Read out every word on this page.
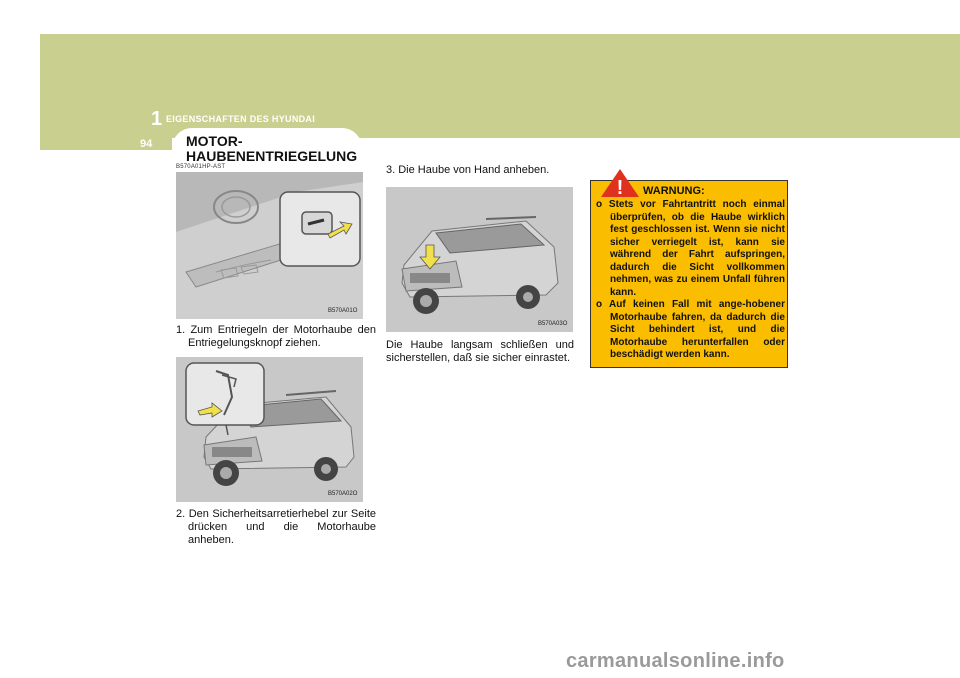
1 EIGENSCHAFTEN DES HYUNDAI
94 MOTOR-
HAUBENENTRIEGELUNG
B570A01HP-AST
B570A01O
1. Zum Entriegeln der Motorhaube den Entriegelungsknopf ziehen.
B570A02O
2. Den Sicherheitsarretierhebel zur Seite drücken und die Motorhaube anheben.
3. Die Haube von Hand anheben.
B570A03O
Die Haube langsam schließen und sicherstellen, daß sie sicher einrastet.
! WARNUNG:
o Stets vor Fahrtantritt noch einmal überprüfen, ob die Haube wirklich fest geschlossen ist. Wenn sie nicht sicher verriegelt ist, kann sie während der Fahrt aufspringen, dadurch die Sicht vollkommen nehmen, was zu einem Unfall führen kann.
o Auf keinen Fall mit ange-hobener Motorhaube fahren, da dadurch die Sicht behindert ist, und die Motorhaube herunterfallen oder beschädigt werden kann.
carmanualsonline.info
